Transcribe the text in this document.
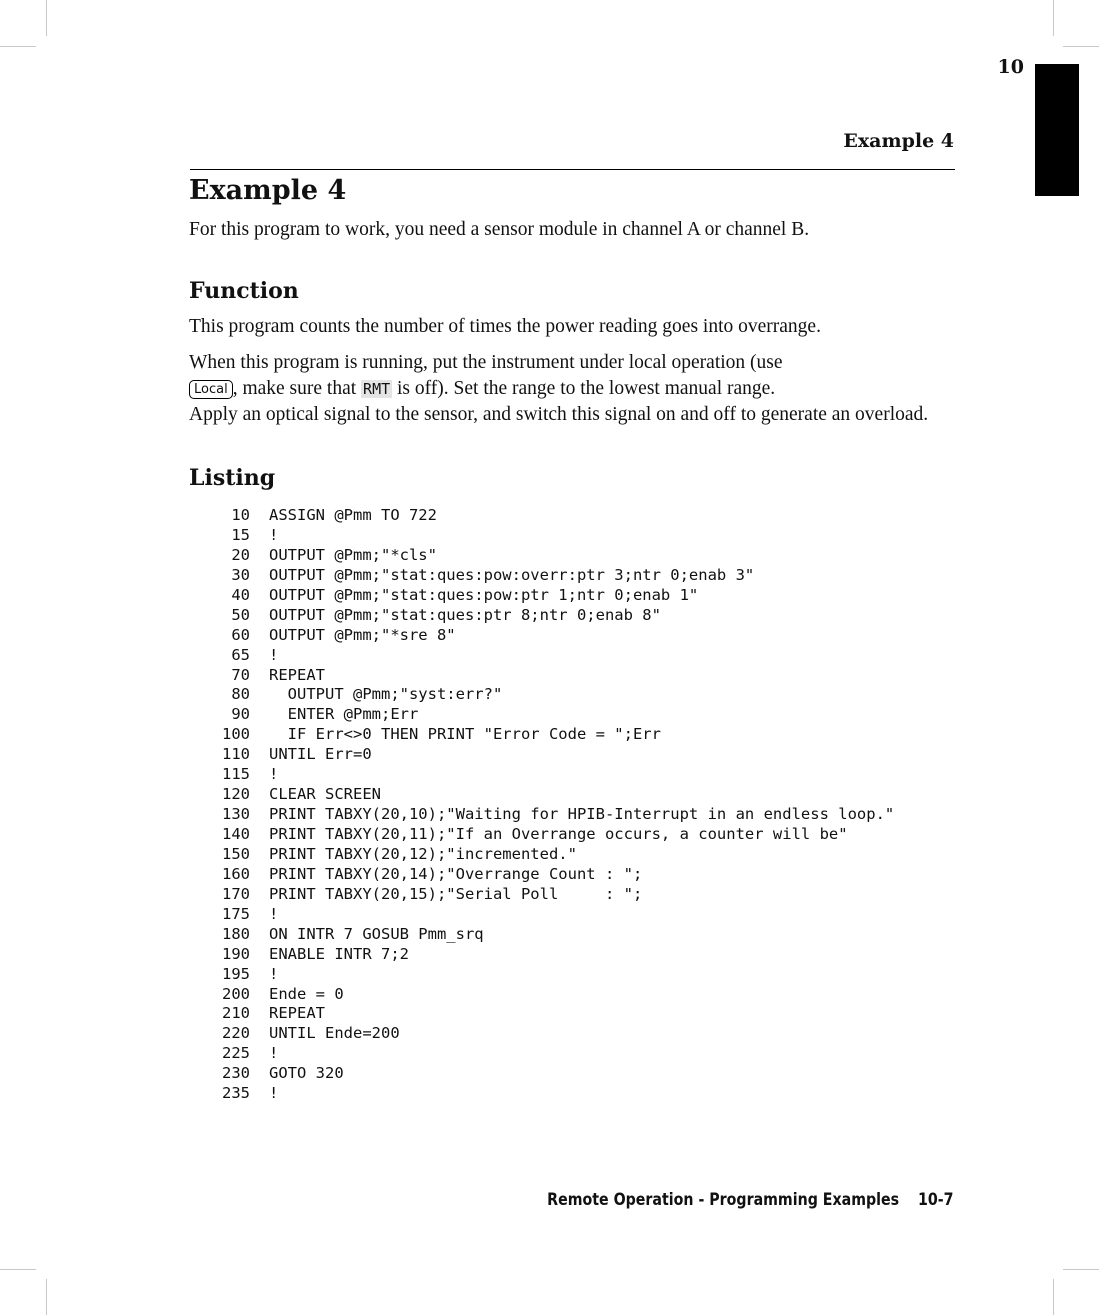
10
Example 4
Example 4

For this program to work, you need a sensor module in channel A or channel B.

Function

This program counts the number of times the power reading goes into overrange.

When this program is running, put the instrument under local operation (use
Local , make sure that RMT is off). Set the range to the lowest manual range.
Apply an optical signal to the sensor, and switch this signal on and off to generate an overload.

Listing
10 ASSIGN @Pmm TO 722
15 !
20 OUTPUT @Pmm;"*cls"
30 OUTPUT @Pmm;"stat:ques:pow:overr:ptr 3;ntr 0;enab 3"
40 OUTPUT @Pmm;"stat:ques:pow:ptr 1;ntr 0;enab 1"
50 OUTPUT @Pmm;"stat:ques:ptr 8;ntr 0;enab 8"
60 OUTPUT @Pmm;"*sre 8"
65 !
70 REPEAT
80  OUTPUT @Pmm;"syst:err?"
90  ENTER @Pmm;Err
100  IF Err<>0 THEN PRINT "Error Code = ";Err
110 UNTIL Err=0
115 !
120 CLEAR SCREEN
130 PRINT TABXY(20,10);"Waiting for HPIB-Interrupt in an endless loop."
140 PRINT TABXY(20,11);"If an Overrange occurs, a counter will be"
150 PRINT TABXY(20,12);"incremented."
160 PRINT TABXY(20,14);"Overrange Count : ";
170 PRINT TABXY(20,15);"Serial Poll     : ";
175 !
180 ON INTR 7 GOSUB Pmm_srq
190 ENABLE INTR 7;2
195 !
200 Ende = 0
210 REPEAT
220 UNTIL Ende=200
225 !
230 GOTO 320
235 !
Remote Operation - Programming Examples 10-7
